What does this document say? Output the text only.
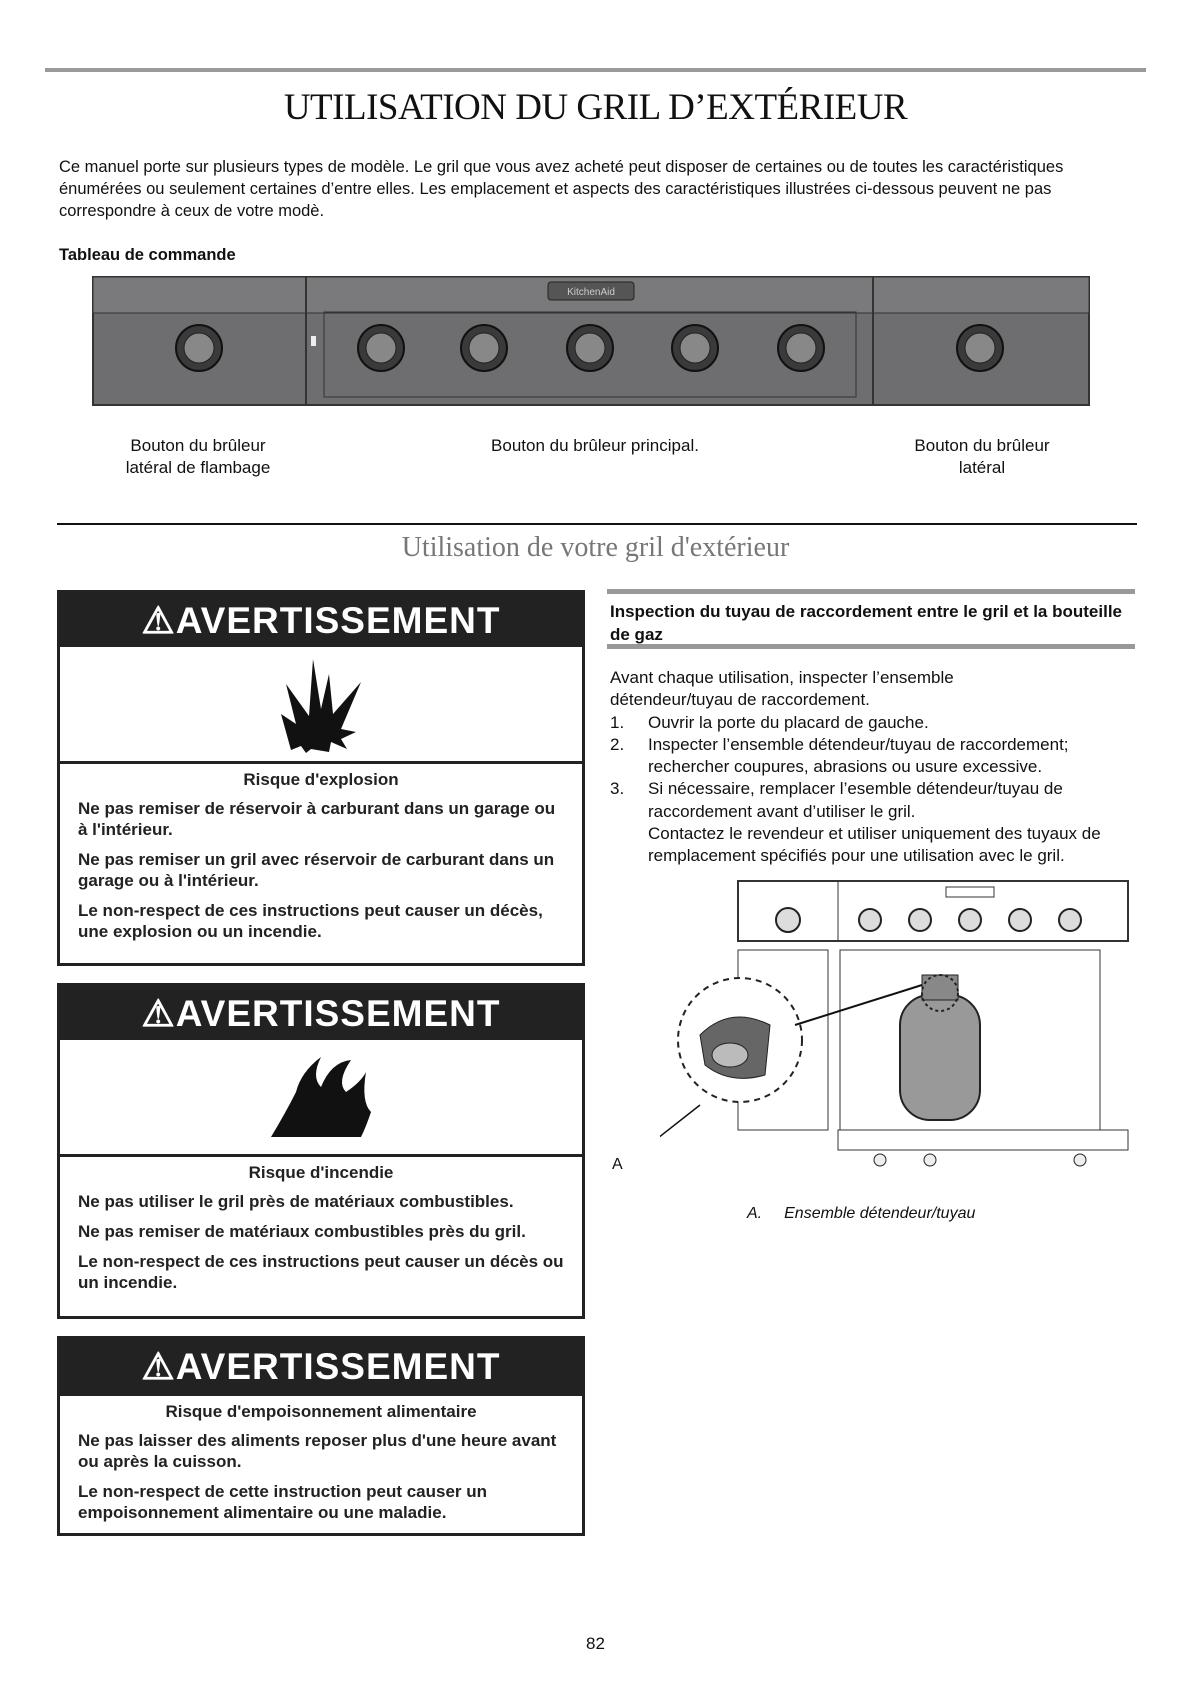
UTILISATION DU GRIL D’EXTÉRIEUR
Ce manuel porte sur plusieurs types de modèle. Le gril que vous avez acheté peut disposer de certaines ou de toutes les caractéristiques énumérées ou seulement certaines d’entre elles. Les emplacement et aspects des caractéristiques illustrées ci-dessous peuvent ne pas correspondre à ceux de votre modè.
Tableau de commande
KitchenAid
Bouton du brûleur
latéral de flambage
Bouton du brûleur principal.	Bouton du brûleur
latéral
Utilisation de votre gril d'extérieur
⚠AVERTISSEMENT
Risque d'explosion

Ne pas remiser de réservoir à carburant dans un garage ou à l'intérieur.

Ne pas remiser un gril avec réservoir de carburant dans un garage ou à l'intérieur.

Le non-respect de ces instructions peut causer un décès, une explosion ou un incendie.

⚠AVERTISSEMENT
Risque d'incendie

Ne pas utiliser le gril près de matériaux combustibles.

Ne pas remiser de matériaux combustibles près du gril.

Le non-respect de ces instructions peut causer un décès ou un incendie.

⚠AVERTISSEMENT
Risque d'empoisonnement alimentaire

Ne pas laisser des aliments reposer plus d'une heure avant ou après la cuisson.

Le non-respect de cette instruction peut causer un empoisonnement alimentaire ou une maladie.

Inspection du tuyau de raccordement entre le gril et la bouteille de gaz
Avant chaque utilisation, inspecter l’ensemble détendeur/tuyau de raccordement.
1.	Ouvrir la porte du placard de gauche.
2.	Inspecter l’ensemble détendeur/tuyau de raccordement; rechercher coupures, abrasions ou usure excessive.
3.	Si nécessaire, remplacer l’esemble détendeur/tuyau de raccordement avant d’utiliser le gril.
Contactez le revendeur et utiliser uniquement des tuyaux de remplacement spécifiés pour une utilisation avec le gril.
A
A. Ensemble détendeur/tuyau
82
